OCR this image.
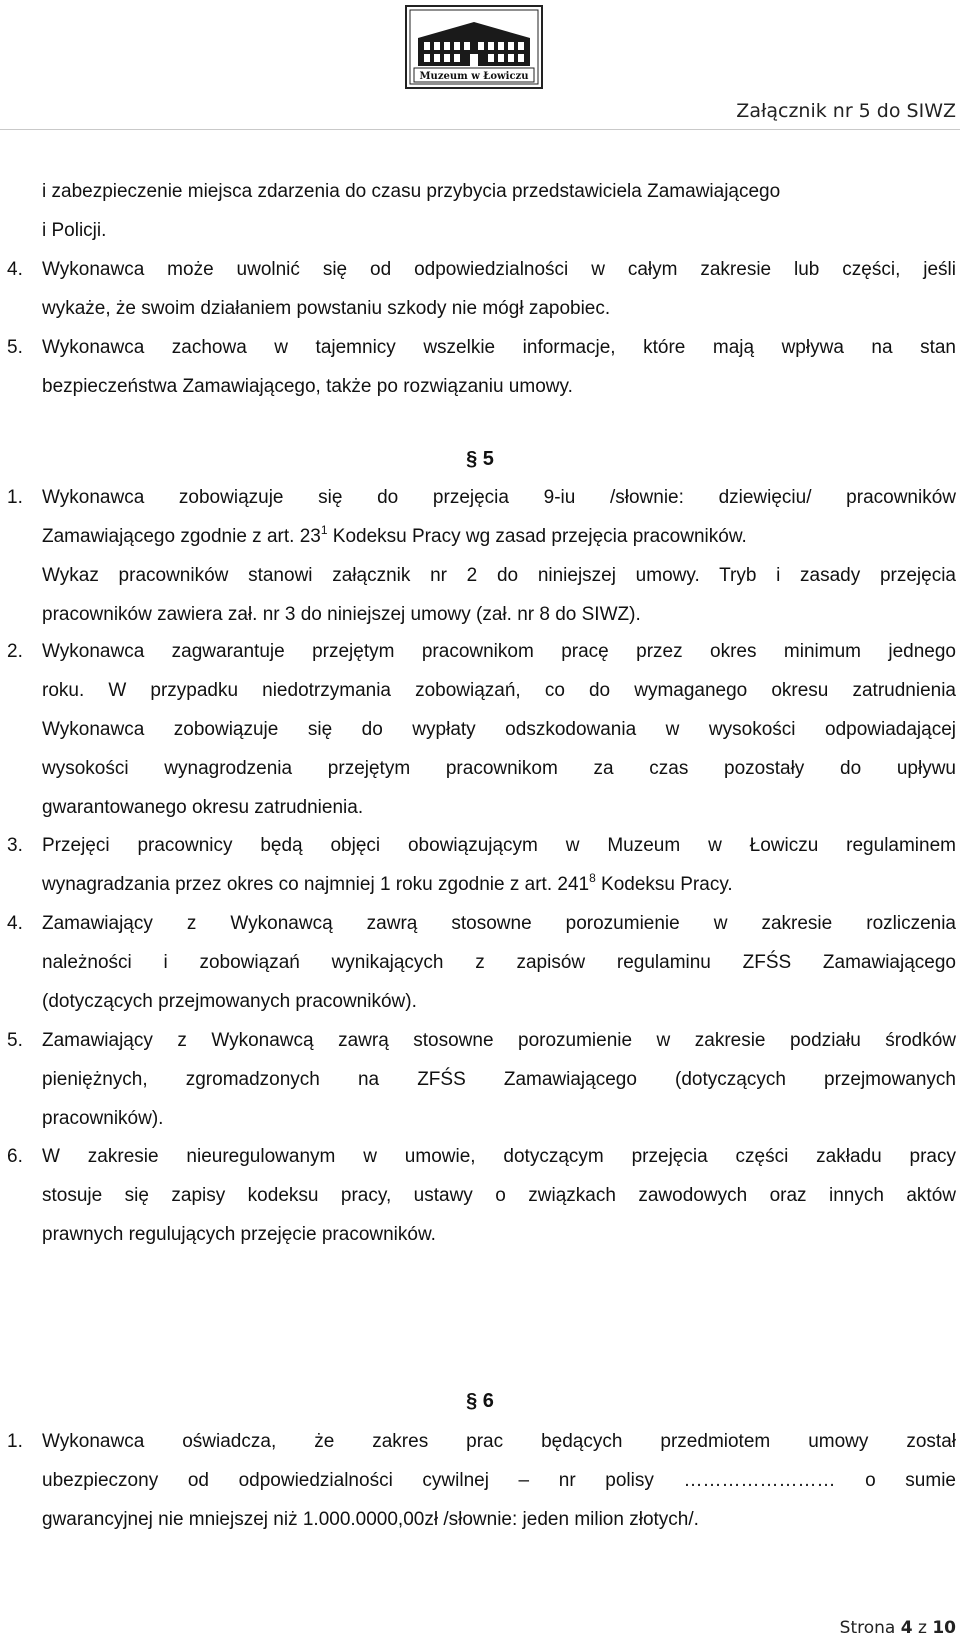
Muzeum w Łowiczu
Załącznik nr 5 do SIWZ
i zabezpieczenie miejsca zdarzenia do czasu przybycia przedstawiciela Zamawiającego
i Policji.
4. Wykonawca może uwolnić się od odpowiedzialności w całym zakresie lub części, jeśli
wykaże, że swoim działaniem powstaniu szkody nie mógł zapobiec.
5. Wykonawca zachowa w tajemnicy wszelkie informacje, które mają wpływa na stan
bezpieczeństwa Zamawiającego, także po rozwiązaniu umowy.
§ 5
1. Wykonawca zobowiązuje się do przejęcia 9-iu /słownie: dziewięciu/ pracowników
Zamawiającego zgodnie z art. $23^1$ Kodeksu Pracy wg zasad przejęcia pracowników.
Wykaz pracowników stanowi załącznik nr 2 do niniejszej umowy. Tryb i zasady przejęcia
pracowników zawiera zał. nr 3 do niniejszej umowy (zał. nr 8 do SIWZ).
2. Wykonawca zagwarantuje przejętym pracownikom pracę przez okres minimum jednego
roku. W przypadku niedotrzymania zobowiązań, co do wymaganego okresu zatrudnienia
Wykonawca zobowiązuje się do wypłaty odszkodowania w wysokości odpowiadającej
wysokości wynagrodzenia przejętym pracownikom za czas pozostały do upływu
gwarantowanego okresu zatrudnienia.
3. Przejęci pracownicy będą objęci obowiązującym w Muzeum w Łowiczu regulaminem
wynagradzania przez okres co najmniej 1 roku zgodnie z art. $241^8$ Kodeksu Pracy.
4. Zamawiający z Wykonawcą zawrą stosowne porozumienie w zakresie rozliczenia
należności i zobowiązań wynikających z zapisów regulaminu ZFŚS Zamawiającego
(dotyczących przejmowanych pracowników).
5. Zamawiający z Wykonawcą zawrą stosowne porozumienie w zakresie podziału środków
pieniężnych, zgromadzonych na ZFŚS Zamawiającego (dotyczących przejmowanych
pracowników).
6. W zakresie nieuregulowanym w umowie, dotyczącym przejęcia części zakładu pracy
stosuje się zapisy kodeksu pracy, ustawy o związkach zawodowych oraz innych aktów
prawnych regulujących przejęcie pracowników.
§ 6
1. Wykonawca oświadcza, że zakres prac będących przedmiotem umowy został
ubezpieczony od odpowiedzialności cywilnej – nr polisy …………………… o sumie
gwarancyjnej nie mniejszej niż 1.000.0000,00zł /słownie: jeden milion złotych/.
Strona 4 z 10
